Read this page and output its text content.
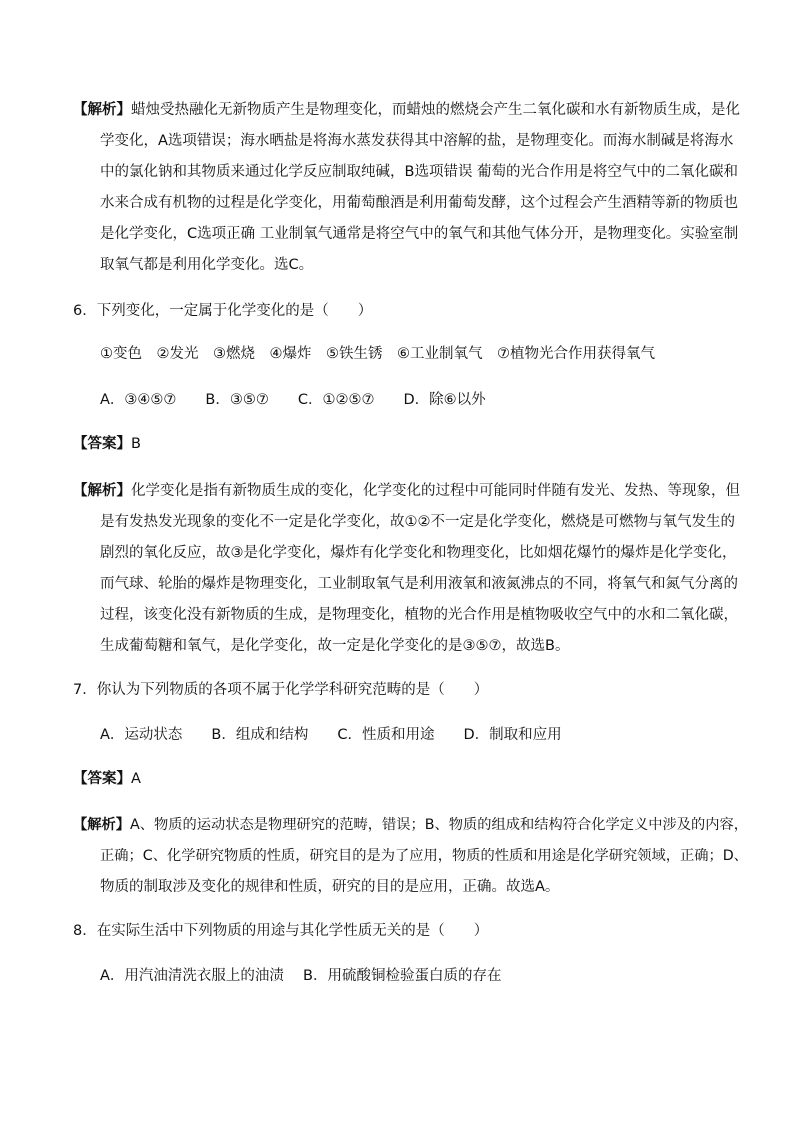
【解析】蜡烛受热融化无新物质产生是物理变化，而蜡烛的燃烧会产生二氧化碳和水有新物质生成，是化
学变化，A选项错误；海水晒盐是将海水蒸发获得其中溶解的盐，是物理变化。而海水制碱是将海水
中的氯化钠和其物质来通过化学反应制取纯碱，B选项错误 葡萄的光合作用是将空气中的二氧化碳和
水来合成有机物的过程是化学变化，用葡萄酿酒是利用葡萄发酵，这个过程会产生酒精等新的物质也
是化学变化，C选项正确 工业制氧气通常是将空气中的氧气和其他气体分开，是物理变化。实验室制
取氧气都是利用化学变化。选C。
6．下列变化，一定属于化学变化的是（　　）
①变色　②发光　③燃烧　④爆炸　⑤铁生锈　⑥工业制氧气　⑦植物光合作用获得氧气
A．③④⑤⑦　　B．③⑤⑦　　C．①②⑤⑦　　D．除⑥以外
【答案】B
【解析】化学变化是指有新物质生成的变化，化学变化的过程中可能同时伴随有发光、发热、等现象，但
是有发热发光现象的变化不一定是化学变化，故①②不一定是化学变化，燃烧是可燃物与氧气发生的
剧烈的氧化反应，故③是化学变化，爆炸有化学变化和物理变化，比如烟花爆竹的爆炸是化学变化，
而气球、轮胎的爆炸是物理变化，工业制取氧气是利用液氧和液氮沸点的不同，将氧气和氮气分离的
过程，该变化没有新物质的生成，是物理变化，植物的光合作用是植物吸收空气中的水和二氧化碳，
生成葡萄糖和氧气，是化学变化，故一定是化学变化的是③⑤⑦，故选B。
7．你认为下列物质的各项不属于化学学科研究范畴的是（　　）
A．运动状态　　B．组成和结构　　C．性质和用途　　D．制取和应用
【答案】A
【解析】A、物质的运动状态是物理研究的范畴，错误；B、物质的组成和结构符合化学定义中涉及的内容，
正确；C、化学研究物质的性质，研究目的是为了应用，物质的性质和用途是化学研究领域，正确；D、
物质的制取涉及变化的规律和性质，研究的目的是应用，正确。故选A。
8．在实际生活中下列物质的用途与其化学性质无关的是（　　）
A．用汽油清洗衣服上的油渍　 B．用硫酸铜检验蛋白质的存在
